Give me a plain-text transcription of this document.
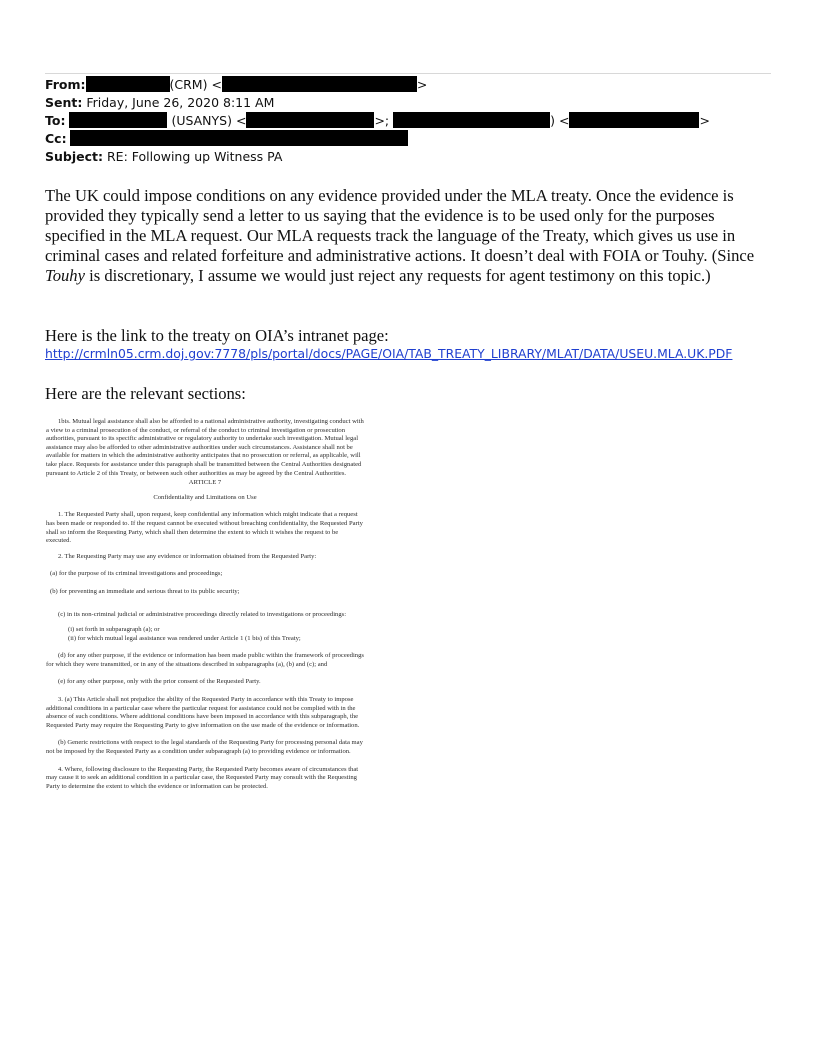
From:	(CRM) <	>
Sent: Friday, June 26, 2020 8:11 AM
To:	(USANYS) <	>;	) <	>
Cc:
Subject: RE: Following up Witness PA
The UK could impose conditions on any evidence provided under the MLA treaty. Once the evidence is provided they typically send a letter to us saying that the evidence is to be used only for the purposes specified in the MLA request. Our MLA requests track the language of the Treaty, which gives us use in criminal cases and related forfeiture and administrative actions. It doesn’t deal with FOIA or Touhy. (Since Touhy is discretionary, I assume we would just reject any requests for agent testimony on this topic.)
Here is the link to the treaty on OIA’s intranet page:
http://crmln05.crm.doj.gov:7778/pls/portal/docs/PAGE/OIA/TAB_TREATY_LIBRARY/MLAT/DATA/USEU.MLA.UK.PDF
Here are the relevant sections:

1bis. Mutual legal assistance shall also be afforded to a national administrative authority, investigating conduct with a view to a criminal prosecution of the conduct, or referral of the conduct to criminal investigation or prosecution authorities, pursuant to its specific administrative or regulatory authority to undertake such investigation. Mutual legal assistance may also be afforded to other administrative authorities under such circumstances. Assistance shall not be available for matters in which the administrative authority anticipates that no prosecution or referral, as applicable, will take place. Requests for assistance under this paragraph shall be transmitted between the Central Authorities designated pursuant to Article 2 of this Treaty, or between such other authorities as may be agreed by the Central Authorities.

ARTICLE 7

Confidentiality and Limitations on Use

1. The Requested Party shall, upon request, keep confidential any information which might indicate that a request has been made or responded to. If the request cannot be executed without breaching confidentiality, the Requested Party shall so inform the Requesting Party, which shall then determine the extent to which it wishes the request to be executed.

2. The Requesting Party may use any evidence or information obtained from the Requested Party:

(a) for the purpose of its criminal investigations and proceedings;

(b) for preventing an immediate and serious threat to its public security;

(c) in its non-criminal judicial or administrative proceedings directly related to investigations or proceedings:

(i) set forth in subparagraph (a); or

(ii) for which mutual legal assistance was rendered under Article 1 (1 bis) of this Treaty;

(d) for any other purpose, if the evidence or information has been made public within the framework of proceedings for which they were transmitted, or in any of the situations described in subparagraphs (a), (b) and (c); and

(e) for any other purpose, only with the prior consent of the Requested Party.

3. (a) This Article shall not prejudice the ability of the Requested Party in accordance with this Treaty to impose additional conditions in a particular case where the particular request for assistance could not be complied with in the absence of such conditions. Where additional conditions have been imposed in accordance with this subparagraph, the Requested Party may require the Requesting Party to give information on the use made of the evidence or information.

(b) Generic restrictions with respect to the legal standards of the Requesting Party for processing personal data may not be imposed by the Requested Party as a condition under subparagraph (a) to providing evidence or information.

4. Where, following disclosure to the Requesting Party, the Requested Party becomes aware of circumstances that may cause it to seek an additional condition in a particular case, the Requested Party may consult with the Requesting Party to determine the extent to which the evidence or information can be protected.
